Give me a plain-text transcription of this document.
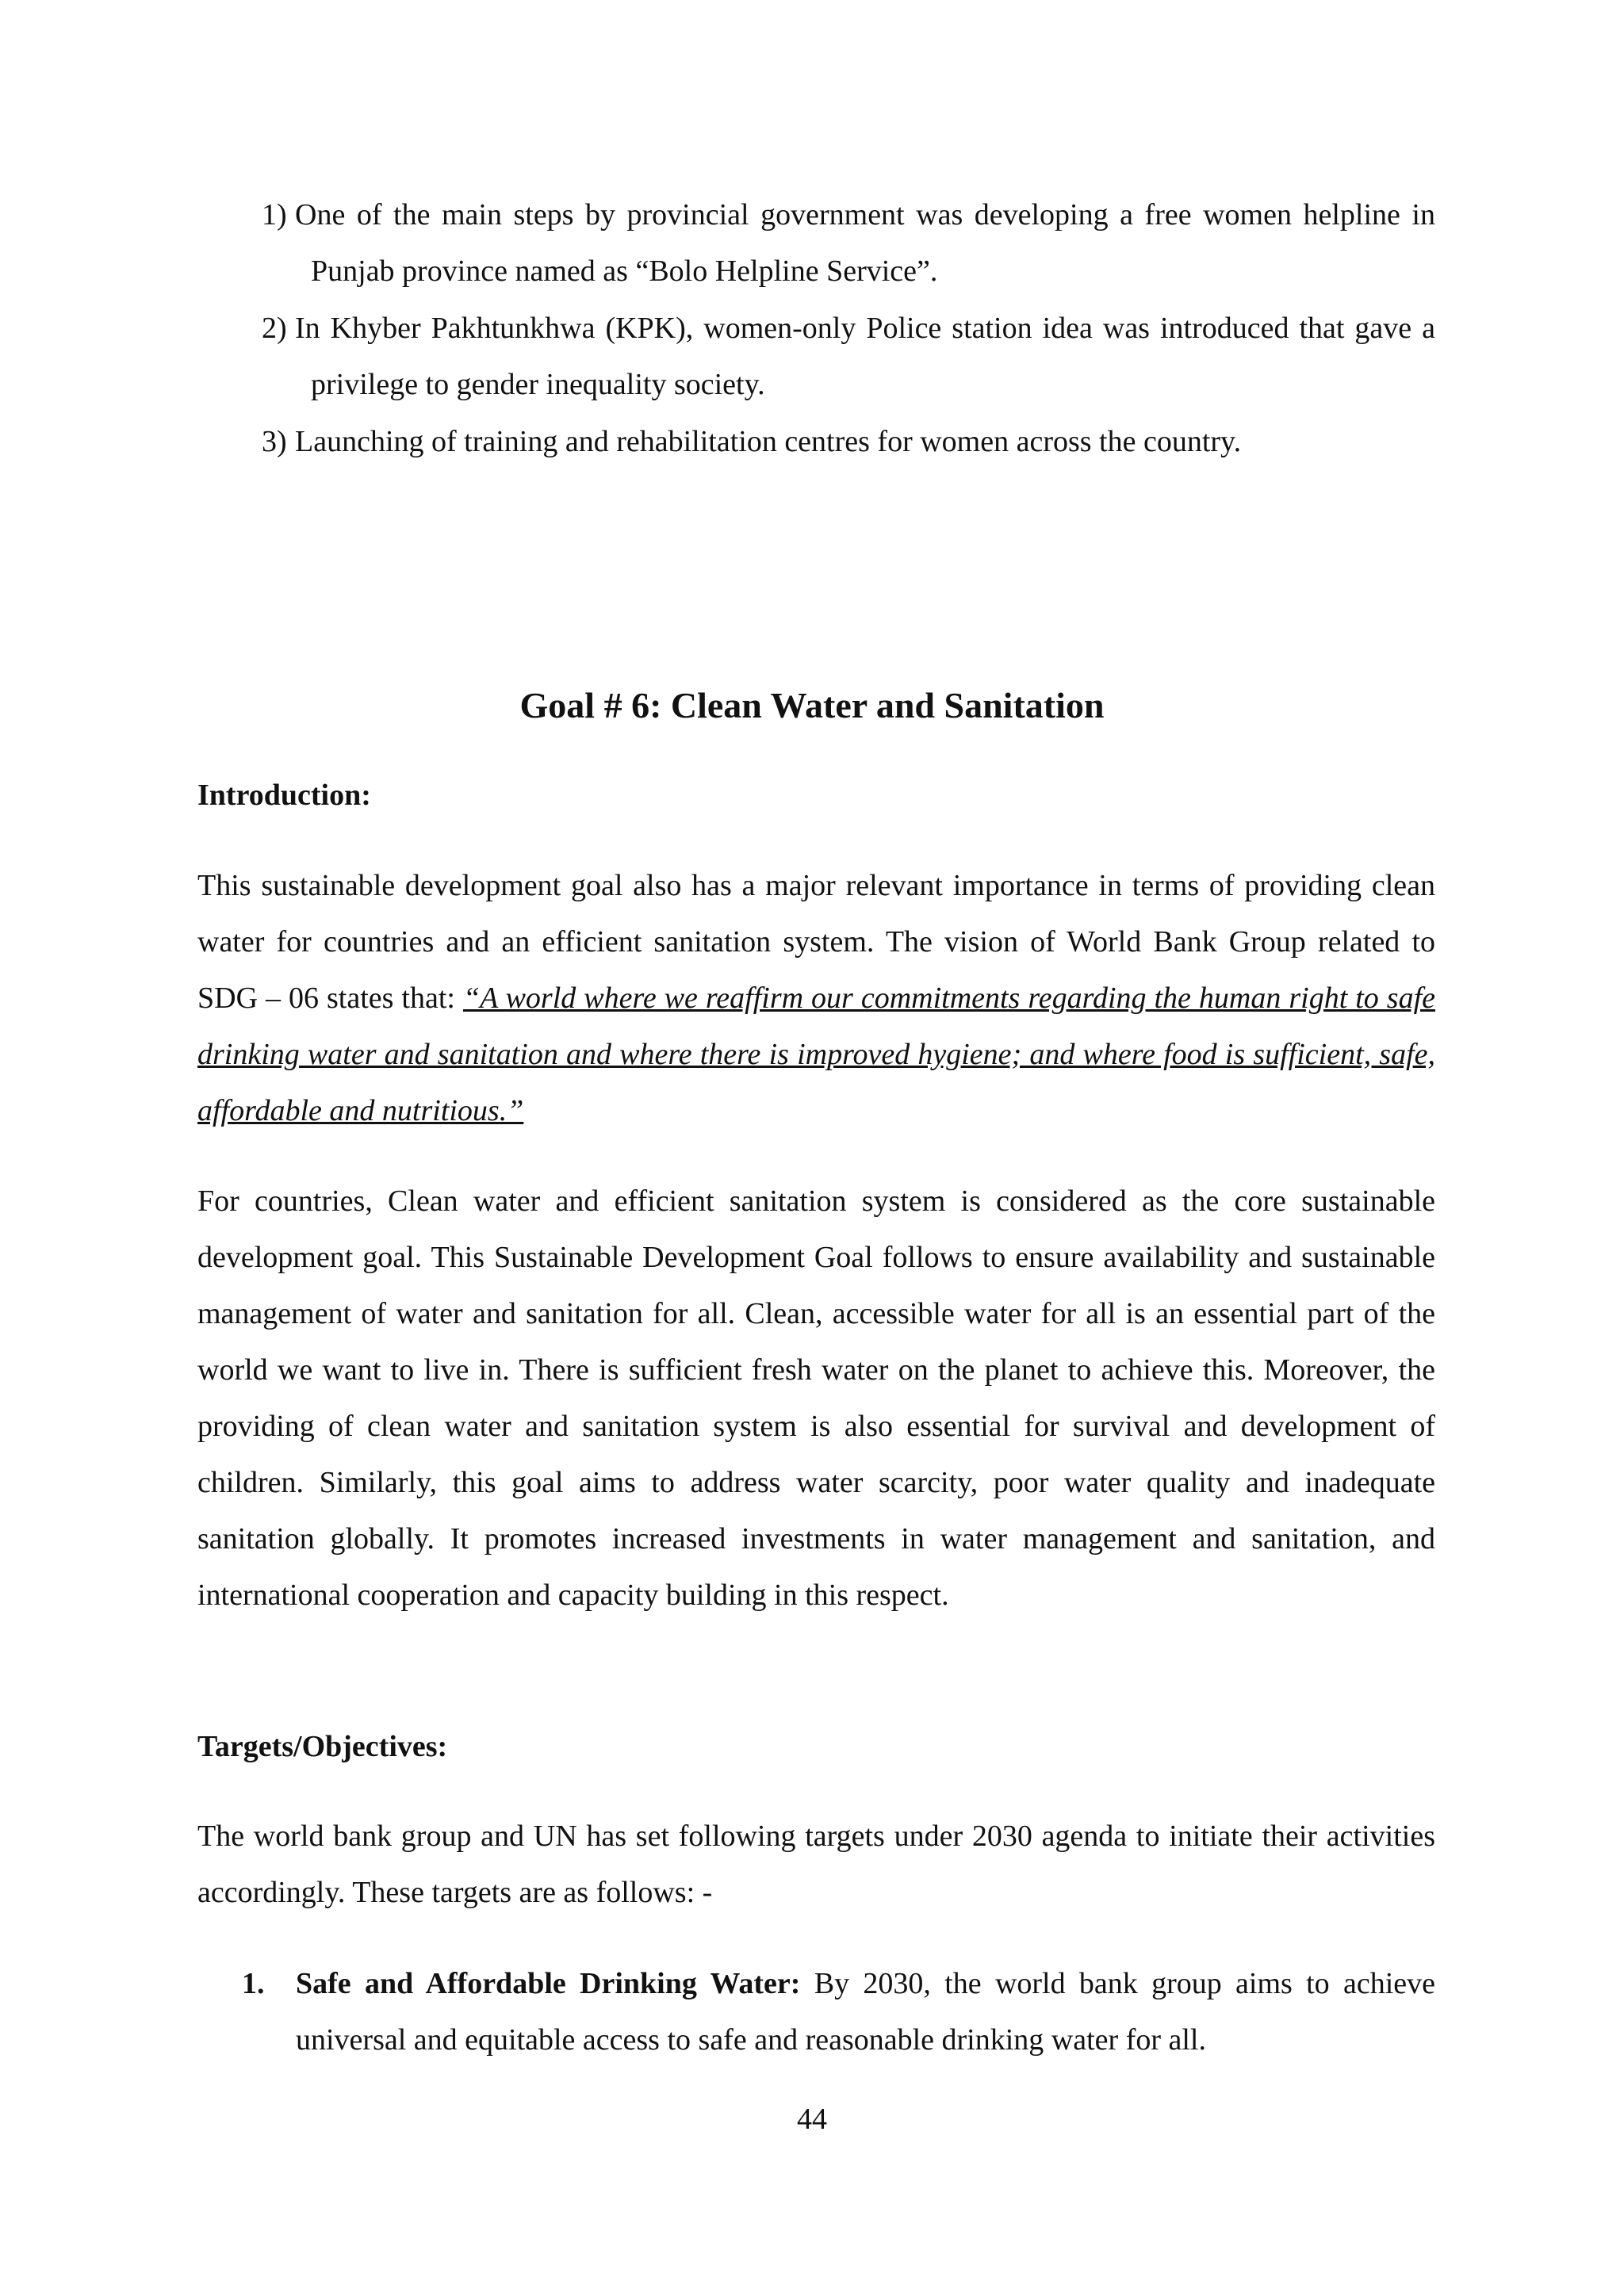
1) One of the main steps by provincial government was developing a free women helpline in Punjab province named as “Bolo Helpline Service”.
2) In Khyber Pakhtunkhwa (KPK), women-only Police station idea was introduced that gave a privilege to gender inequality society.
3) Launching of training and rehabilitation centres for women across the country.
Goal # 6: Clean Water and Sanitation
Introduction:

This sustainable development goal also has a major relevant importance in terms of providing clean water for countries and an efficient sanitation system. The vision of World Bank Group related to SDG – 06 states that: “A world where we reaffirm our commitments regarding the human right to safe drinking water and sanitation and where there is improved hygiene; and where food is sufficient, safe, affordable and nutritious.”

For countries, Clean water and efficient sanitation system is considered as the core sustainable development goal. This Sustainable Development Goal follows to ensure availability and sustainable management of water and sanitation for all. Clean, accessible water for all is an essential part of the world we want to live in. There is sufficient fresh water on the planet to achieve this. Moreover, the providing of clean water and sanitation system is also essential for survival and development of children. Similarly, this goal aims to address water scarcity, poor water quality and inadequate sanitation globally. It promotes increased investments in water management and sanitation, and international cooperation and capacity building in this respect.

Targets/Objectives:

The world bank group and UN has set following targets under 2030 agenda to initiate their activities accordingly. These targets are as follows: -

1. Safe and Affordable Drinking Water: By 2030, the world bank group aims to achieve universal and equitable access to safe and reasonable drinking water for all.
44
